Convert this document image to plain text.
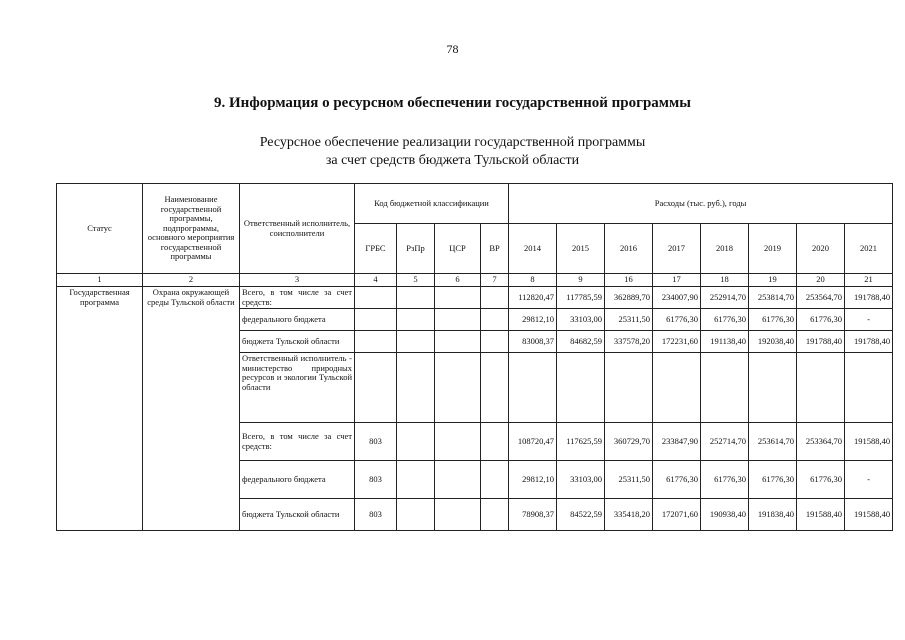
78
9. Информация о ресурсном обеспечении государственной программы
Ресурсное обеспечение реализации государственной программы
за счет средств бюджета Тульской области
Статус	Наименование государственной программы, подпрограммы, основного мероприятия государственной программы	Ответственный исполнитель, соисполнители	Код бюджетной классификации				Расходы (тыс. руб.), годы							
			ГРБС	РзПр	ЦСР	ВР	2014	2015	2016	2017	2018	2019	2020	2021
1	2	3	4	5	6	7	8	9	16	17	18	19	20	21
Государственная программа	Охрана окружающей среды Тульской области	Всего, в том числе за счет средств:					112820,47	117785,59	362889,70	234007,90	252914,70	253814,70	253564,70	191788,40
		федерального бюджета					29812,10	33103,00	25311,50	61776,30	61776,30	61776,30	61776,30	-
		бюджета Тульской области					83008,37	84682,59	337578,20	172231,60	191138,40	192038,40	191788,40	191788,40
		Ответственный исполнитель - министерство природных ресурсов и экологии Тульской области												
		Всего, в том числе за счет средств:	803				108720,47	117625,59	360729,70	233847,90	252714,70	253614,70	253364,70	191588,40
		федерального бюджета	803				29812,10	33103,00	25311,50	61776,30	61776,30	61776,30	61776,30	-
		бюджета Тульской области	803				78908,37	84522,59	335418,20	172071,60	190938,40	191838,40	191588,40	191588,40
